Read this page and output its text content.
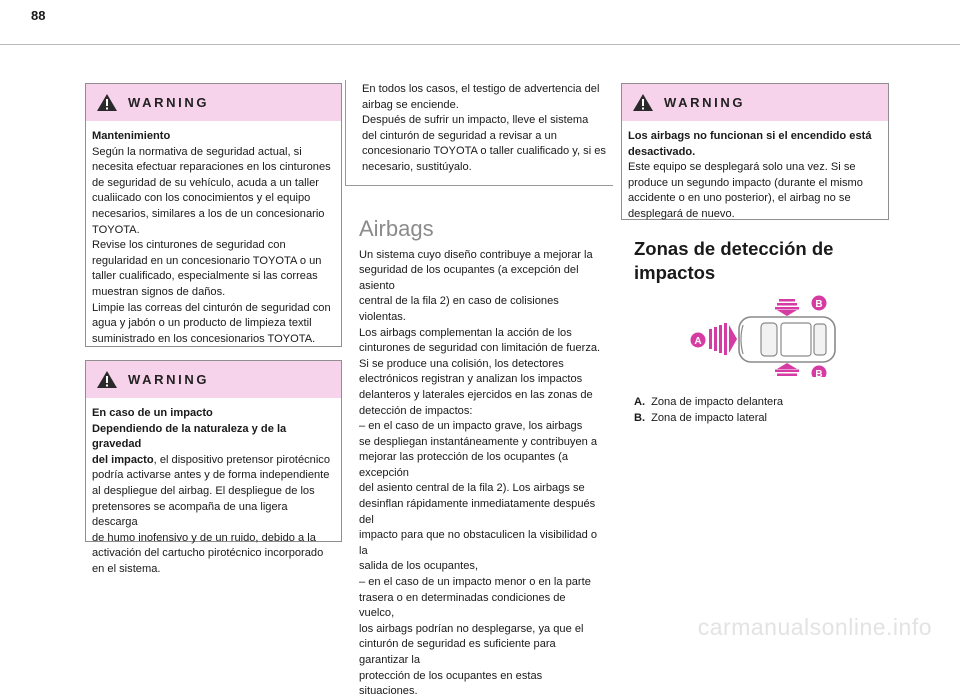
88
WARNING

Mantenimiento

Según la normativa de seguridad actual, si

necesita efectuar reparaciones en los cinturones

de seguridad de su vehículo, acuda a un taller

cualiicado con los conocimientos y el equipo

necesarios, similares a los de un concesionario

TOYOTA.

Revise los cinturones de seguridad con

regularidad en un concesionario TOYOTA o un

taller cualificado, especialmente si las correas

muestran signos de daños.

Limpie las correas del cinturón de seguridad con

agua y jabón o un producto de limpieza textil

suministrado en los concesionarios TOYOTA.

WARNING

En caso de un impacto

Dependiendo de la naturaleza y de la gravedad

del impacto, el dispositivo pretensor pirotécnico

podría activarse antes y de forma independiente

al despliegue del airbag. El despliegue de los

pretensores se acompaña de una ligera descarga

de humo inofensivo y de un ruido, debido a la

activación del cartucho pirotécnico incorporado

en el sistema.

En todos los casos, el testigo de advertencia del

airbag se enciende.

Después de sufrir un impacto, lleve el sistema

del cinturón de seguridad a revisar a un

concesionario TOYOTA o taller cualificado y, si es

necesario, sustitúyalo.

Airbags

Un sistema cuyo diseño contribuye a mejorar la

seguridad de los ocupantes (a excepción del asiento

central de la fila 2) en caso de colisiones violentas.

Los airbags complementan la acción de los

cinturones de seguridad con limitación de fuerza.

Si se produce una colisión, los detectores

electrónicos registran y analizan los impactos

delanteros y laterales ejercidos en las zonas de

detección de impactos:

– en el caso de un impacto grave, los airbags

se despliegan instantáneamente y contribuyen a

mejorar las protección de los ocupantes (a excepción

del asiento central de la fila 2). Los airbags se

desinflan rápidamente inmediatamente después del

impacto para que no obstaculicen la visibilidad o la

salida de los ocupantes,

– en el caso de un impacto menor o en la parte

trasera o en determinadas condiciones de vuelco,

los airbags podrían no desplegarse, ya que el

cinturón de seguridad es suficiente para garantizar la

protección de los ocupantes en estas situaciones.

WARNING

Los airbags no funcionan si el encendido está

desactivado.

Este equipo se desplegará solo una vez. Si se

produce un segundo impacto (durante el mismo

accidente o en uno posterior), el airbag no se

desplegará de nuevo.

Zonas de detección de
impactos
A
B
B
A. Zona de impacto delantera
B. Zona de impacto lateral
carmanualsonline.info
